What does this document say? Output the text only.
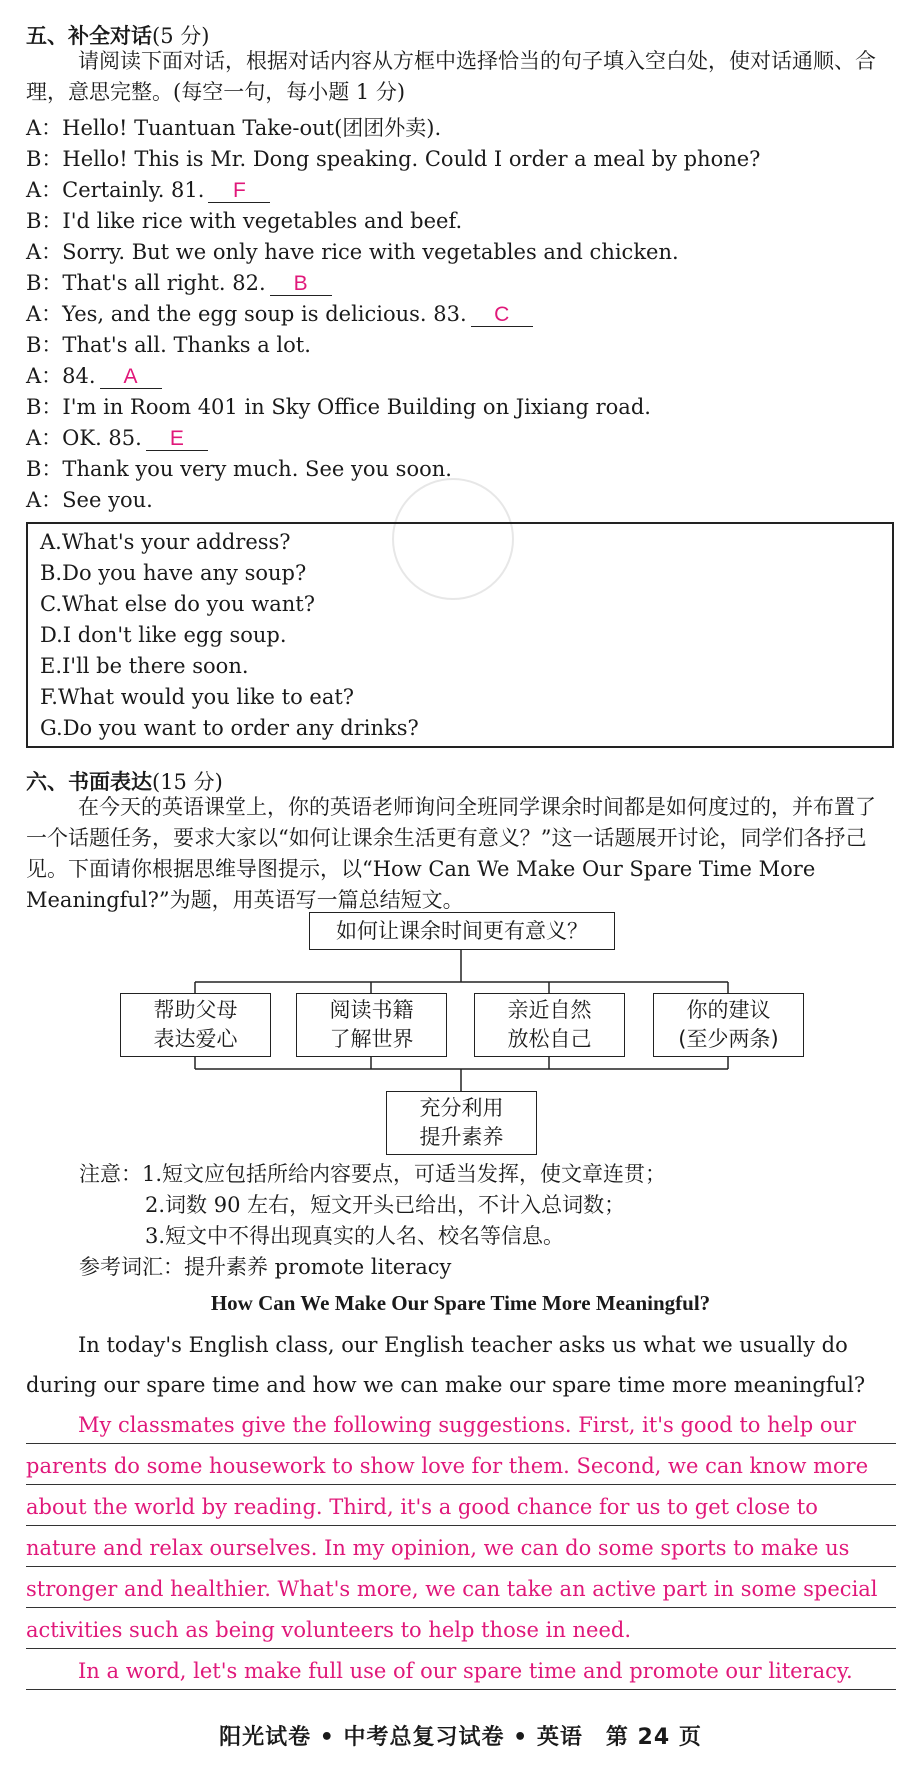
五、补全对话(5 分)
请阅读下面对话，根据对话内容从方框中选择恰当的句子填入空白处，使对话通顺、合理，意思完整。(每空一句，每小题 1 分)
A：Hello! Tuantuan Take-out(团团外卖).
B：Hello! This is Mr. Dong speaking. Could I order a meal by phone?
A：Certainly. 81. F
B：I'd like rice with vegetables and beef.
A：Sorry. But we only have rice with vegetables and chicken.
B：That's all right. 82. B
A：Yes, and the egg soup is delicious. 83. C
B：That's all. Thanks a lot.
A：84. A
B：I'm in Room 401 in Sky Office Building on Jixiang road.
A：OK. 85. E
B：Thank you very much. See you soon.
A：See you.
A.What's your address?
B.Do you have any soup?
C.What else do you want?
D.I don't like egg soup.
E.I'll be there soon.
F.What would you like to eat?
G.Do you want to order any drinks?
六、书面表达(15 分)
在今天的英语课堂上，你的英语老师询问全班同学课余时间都是如何度过的，并布置了一个话题任务，要求大家以“如何让课余生活更有意义？”这一话题展开讨论，同学们各抒己见。下面请你根据思维导图提示，以“How Can We Make Our Spare Time More Meaningful?”为题，用英语写一篇总结短文。
如何让课余时间更有意义？
帮助父母
表达爱心
阅读书籍
了解世界
亲近自然
放松自己
你的建议
(至少两条)
充分利用
提升素养
注意：1.短文应包括所给内容要点，可适当发挥，使文章连贯；
2.词数 90 左右，短文开头已给出，不计入总词数；
3.短文中不得出现真实的人名、校名等信息。
参考词汇：提升素养 promote literacy
How Can We Make Our Spare Time More Meaningful?
In today's English class, our English teacher asks us what we usually do
during our spare time and how we can make our spare time more meaningful?
My classmates give the following suggestions. First, it's good to help our
parents do some housework to show love for them. Second, we can know more
about the world by reading. Third, it's a good chance for us to get close to
nature and relax ourselves. In my opinion, we can do some sports to make us
stronger and healthier. What's more, we can take an active part in some special
activities such as being volunteers to help those in need.
In a word, let's make full use of our spare time and promote our literacy.
阳光试卷 • 中考总复习试卷 • 英语　第 24 页
